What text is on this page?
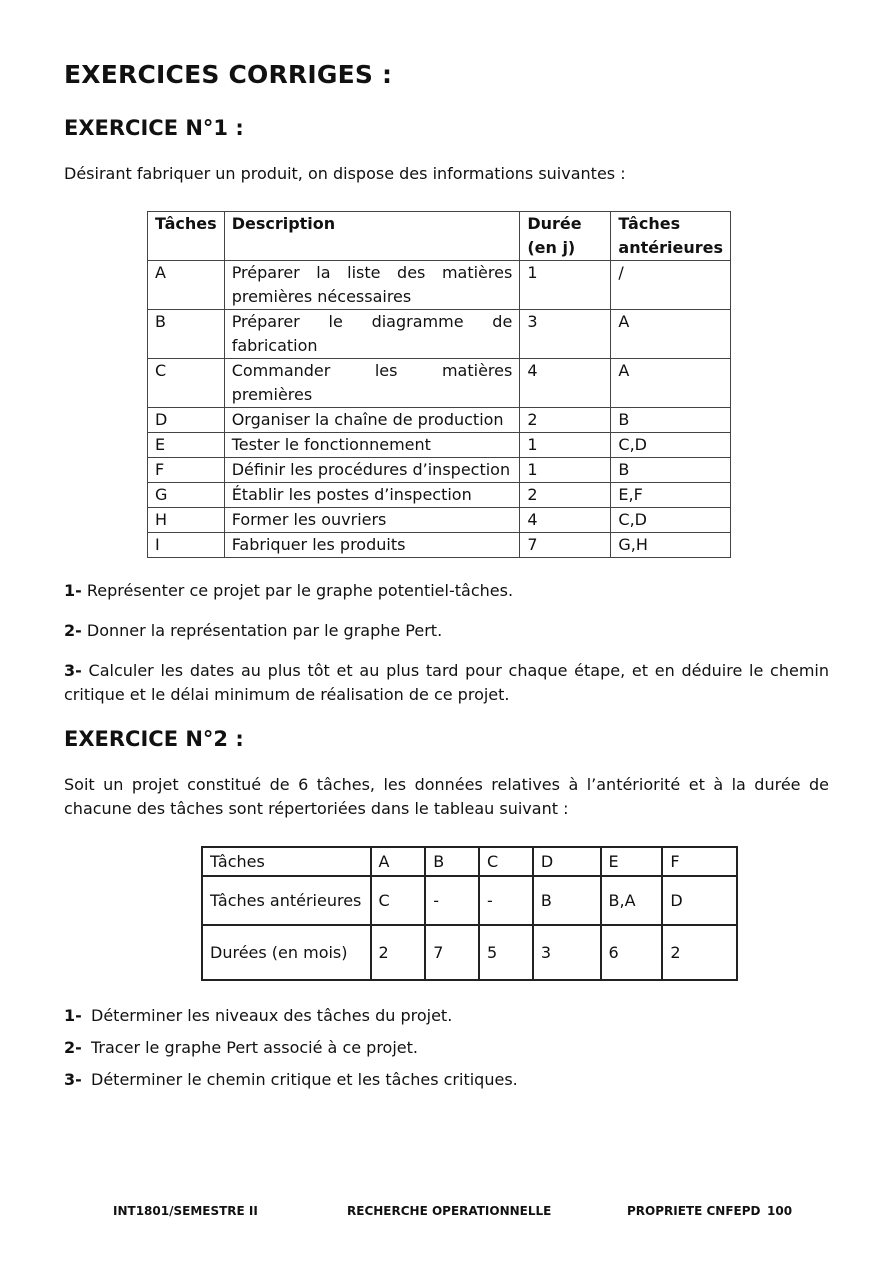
EXERCICES CORRIGES :
EXERCICE N°1 :

Désirant fabriquer un produit, on dispose des informations suivantes :

Tâches	Description	Durée (en j)	Tâches antérieures
A	Préparer la liste des matières premières nécessaires	1	/
B	Préparer le diagramme de fabrication	3	A
C	Commander les matières premières	4	A
D	Organiser la chaîne de production	2	B
E	Tester le fonctionnement	1	C,D
F	Définir les procédures d’inspection	1	B
G	Établir les postes d’inspection	2	E,F
H	Former les ouvriers	4	C,D
I	Fabriquer les produits	7	G,H

1- Représenter ce projet par le graphe potentiel-tâches.

2- Donner la représentation par le graphe Pert.

3- Calculer les dates au plus tôt et au plus tard pour chaque étape, et en déduire le chemin critique et le délai minimum de réalisation de ce projet.

EXERCICE N°2 :

Soit un projet constitué de 6 tâches, les données relatives à l’antériorité et à la durée de chacune des tâches sont répertoriées dans le tableau suivant :

Tâches	A	B	C	D	E	F
Tâches antérieures	C	-	-	B	B,A	D
Durées (en mois)	2	7	5	3	6	2
1- Déterminer les niveaux des tâches du projet.
2- Tracer le graphe Pert associé à ce projet.
3- Déterminer le chemin critique et les tâches critiques.
INT1801/SEMESTRE II	RECHERCHE OPERATIONNELLE	PROPRIETE CNFEPD 100
